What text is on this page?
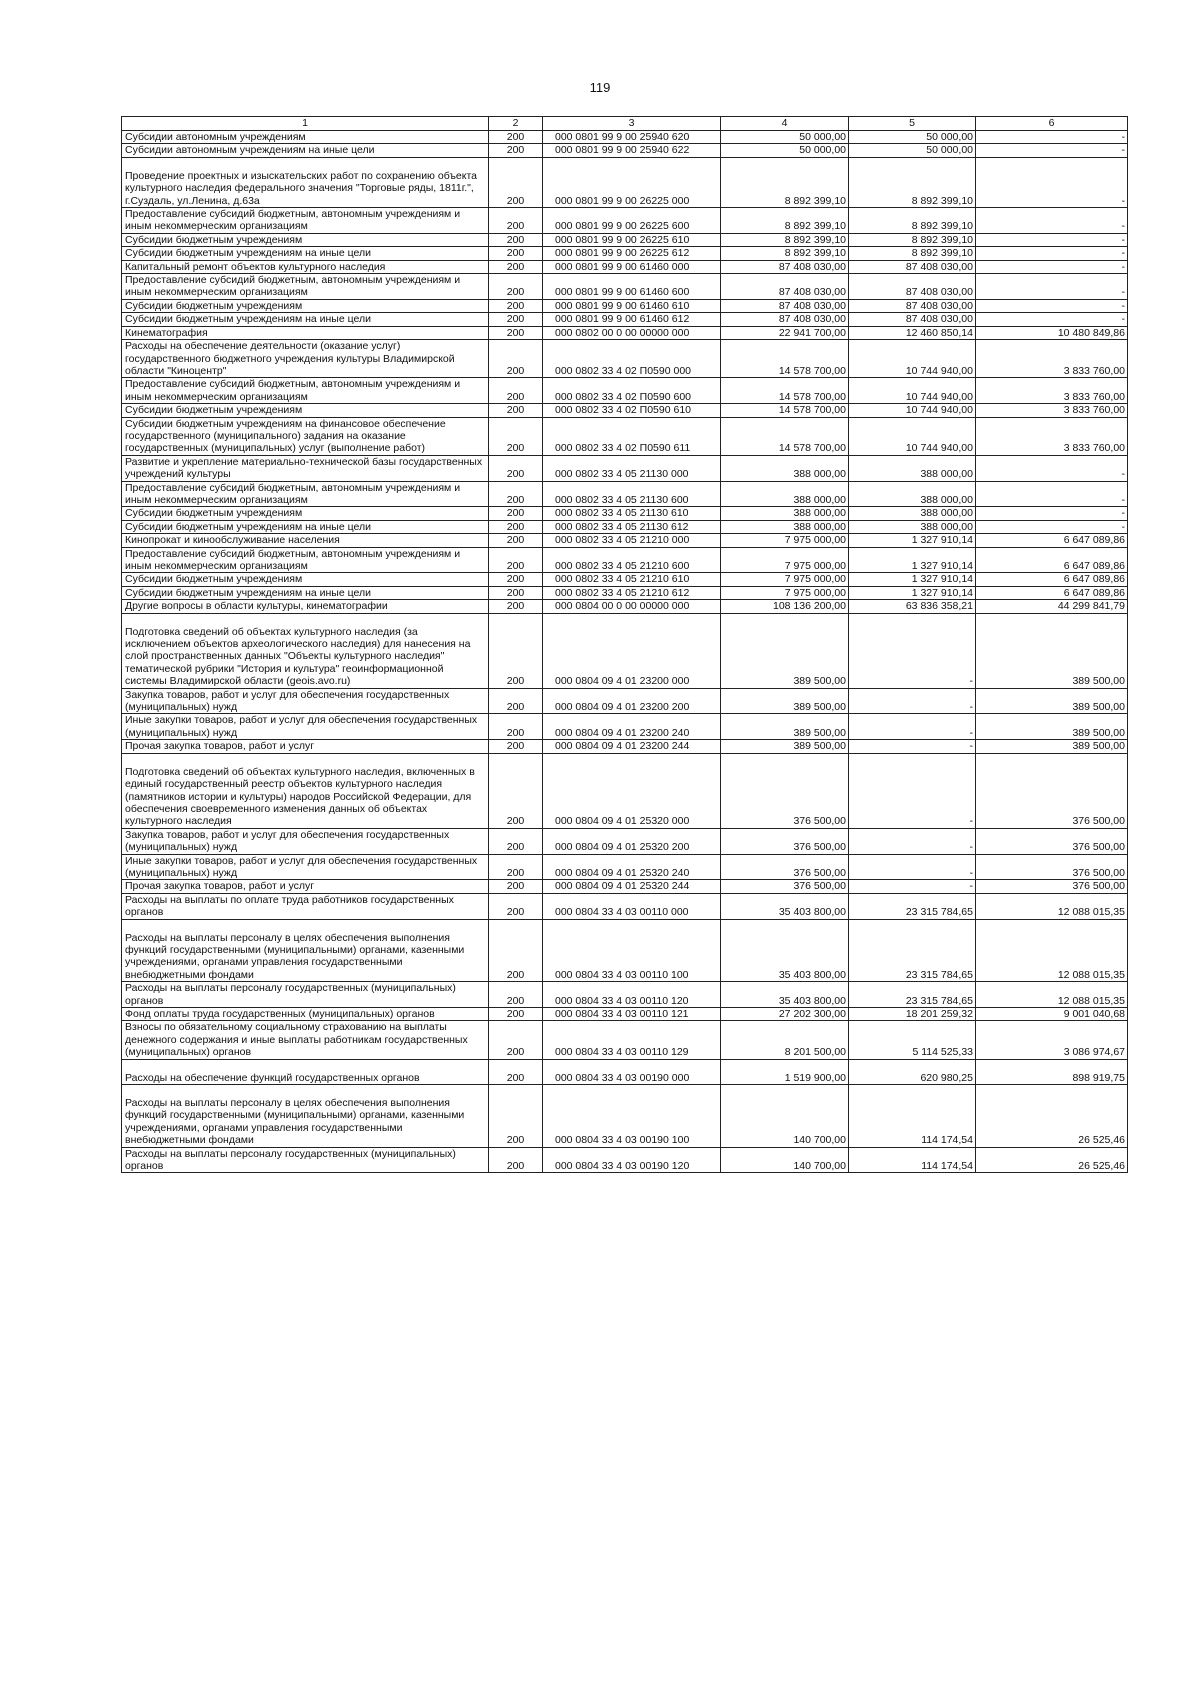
119
1	2	3	4	5	6
Субсидии автономным учреждениям	200	000 0801 99 9 00 25940 620	50 000,00	50 000,00	-
Субсидии автономным учреждениям на иные цели	200	000 0801 99 9 00 25940 622	50 000,00	50 000,00	-
Проведение проектных и изыскательских работ по сохранению объекта культурного наследия федерального значения "Торговые ряды, 1811г.", г.Суздаль, ул.Ленина, д.63а	200	000 0801 99 9 00 26225 000	8 892 399,10	8 892 399,10	-
Предоставление субсидий бюджетным, автономным учреждениям и иным некоммерческим организациям	200	000 0801 99 9 00 26225 600	8 892 399,10	8 892 399,10	-
Субсидии бюджетным учреждениям	200	000 0801 99 9 00 26225 610	8 892 399,10	8 892 399,10	-
Субсидии бюджетным учреждениям на иные цели	200	000 0801 99 9 00 26225 612	8 892 399,10	8 892 399,10	-
Капитальный ремонт объектов культурного наследия	200	000 0801 99 9 00 61460 000	87 408 030,00	87 408 030,00	-
Предоставление субсидий бюджетным, автономным учреждениям и иным некоммерческим организациям	200	000 0801 99 9 00 61460 600	87 408 030,00	87 408 030,00	-
Субсидии бюджетным учреждениям	200	000 0801 99 9 00 61460 610	87 408 030,00	87 408 030,00	-
Субсидии бюджетным учреждениям на иные цели	200	000 0801 99 9 00 61460 612	87 408 030,00	87 408 030,00	-
Кинематография	200	000 0802 00 0 00 00000 000	22 941 700,00	12 460 850,14	10 480 849,86
Расходы на обеспечение деятельности (оказание услуг) государственного бюджетного учреждения культуры Владимирской области "Киноцентр"	200	000 0802 33 4 02 П0590 000	14 578 700,00	10 744 940,00	3 833 760,00
Предоставление субсидий бюджетным, автономным учреждениям и иным некоммерческим организациям	200	000 0802 33 4 02 П0590 600	14 578 700,00	10 744 940,00	3 833 760,00
Субсидии бюджетным учреждениям	200	000 0802 33 4 02 П0590 610	14 578 700,00	10 744 940,00	3 833 760,00
Субсидии бюджетным учреждениям на финансовое обеспечение государственного (муниципального) задания на оказание государственных (муниципальных) услуг (выполнение работ)	200	000 0802 33 4 02 П0590 611	14 578 700,00	10 744 940,00	3 833 760,00
Развитие и укрепление материально-технической базы государственных учреждений культуры	200	000 0802 33 4 05 21130 000	388 000,00	388 000,00	-
Предоставление субсидий бюджетным, автономным учреждениям и иным некоммерческим организациям	200	000 0802 33 4 05 21130 600	388 000,00	388 000,00	-
Субсидии бюджетным учреждениям	200	000 0802 33 4 05 21130 610	388 000,00	388 000,00	-
Субсидии бюджетным учреждениям на иные цели	200	000 0802 33 4 05 21130 612	388 000,00	388 000,00	-
Кинопрокат и кинообслуживание населения	200	000 0802 33 4 05 21210 000	7 975 000,00	1 327 910,14	6 647 089,86
Предоставление субсидий бюджетным, автономным учреждениям и иным некоммерческим организациям	200	000 0802 33 4 05 21210 600	7 975 000,00	1 327 910,14	6 647 089,86
Субсидии бюджетным учреждениям	200	000 0802 33 4 05 21210 610	7 975 000,00	1 327 910,14	6 647 089,86
Субсидии бюджетным учреждениям на иные цели	200	000 0802 33 4 05 21210 612	7 975 000,00	1 327 910,14	6 647 089,86
Другие вопросы в области культуры, кинематографии	200	000 0804 00 0 00 00000 000	108 136 200,00	63 836 358,21	44 299 841,79
Подготовка сведений об объектах культурного наследия (за исключением объектов археологического наследия) для нанесения на слой пространственных данных "Объекты культурного наследия" тематической рубрики "История и культура" геоинформационной системы Владимирской области (geois.avo.ru)	200	000 0804 09 4 01 23200 000	389 500,00	-	389 500,00
Закупка товаров, работ и услуг для обеспечения государственных (муниципальных) нужд	200	000 0804 09 4 01 23200 200	389 500,00	-	389 500,00
Иные закупки товаров, работ и услуг для обеспечения государственных (муниципальных) нужд	200	000 0804 09 4 01 23200 240	389 500,00	-	389 500,00
Прочая закупка товаров, работ и услуг	200	000 0804 09 4 01 23200 244	389 500,00	-	389 500,00
Подготовка сведений об объектах культурного наследия, включенных в единый государственный реестр объектов культурного наследия (памятников истории и культуры) народов Российской Федерации, для обеспечения своевременного изменения данных об объектах культурного наследия	200	000 0804 09 4 01 25320 000	376 500,00	-	376 500,00
Закупка товаров, работ и услуг для обеспечения государственных (муниципальных) нужд	200	000 0804 09 4 01 25320 200	376 500,00	-	376 500,00
Иные закупки товаров, работ и услуг для обеспечения государственных (муниципальных) нужд	200	000 0804 09 4 01 25320 240	376 500,00	-	376 500,00
Прочая закупка товаров, работ и услуг	200	000 0804 09 4 01 25320 244	376 500,00	-	376 500,00
Расходы на выплаты по оплате труда работников государственных органов	200	000 0804 33 4 03 00110 000	35 403 800,00	23 315 784,65	12 088 015,35
Расходы на выплаты персоналу в целях обеспечения выполнения функций государственными (муниципальными) органами, казенными учреждениями, органами управления государственными внебюджетными фондами	200	000 0804 33 4 03 00110 100	35 403 800,00	23 315 784,65	12 088 015,35
Расходы на выплаты персоналу государственных (муниципальных) органов	200	000 0804 33 4 03 00110 120	35 403 800,00	23 315 784,65	12 088 015,35
Фонд оплаты труда государственных (муниципальных) органов	200	000 0804 33 4 03 00110 121	27 202 300,00	18 201 259,32	9 001 040,68
Взносы по обязательному социальному страхованию на выплаты денежного содержания и иные выплаты работникам государственных (муниципальных) органов	200	000 0804 33 4 03 00110 129	8 201 500,00	5 114 525,33	3 086 974,67
Расходы на обеспечение функций государственных органов	200	000 0804 33 4 03 00190 000	1 519 900,00	620 980,25	898 919,75
Расходы на выплаты персоналу в целях обеспечения выполнения функций государственными (муниципальными) органами, казенными учреждениями, органами управления государственными внебюджетными фондами	200	000 0804 33 4 03 00190 100	140 700,00	114 174,54	26 525,46
Расходы на выплаты персоналу государственных (муниципальных) органов	200	000 0804 33 4 03 00190 120	140 700,00	114 174,54	26 525,46
